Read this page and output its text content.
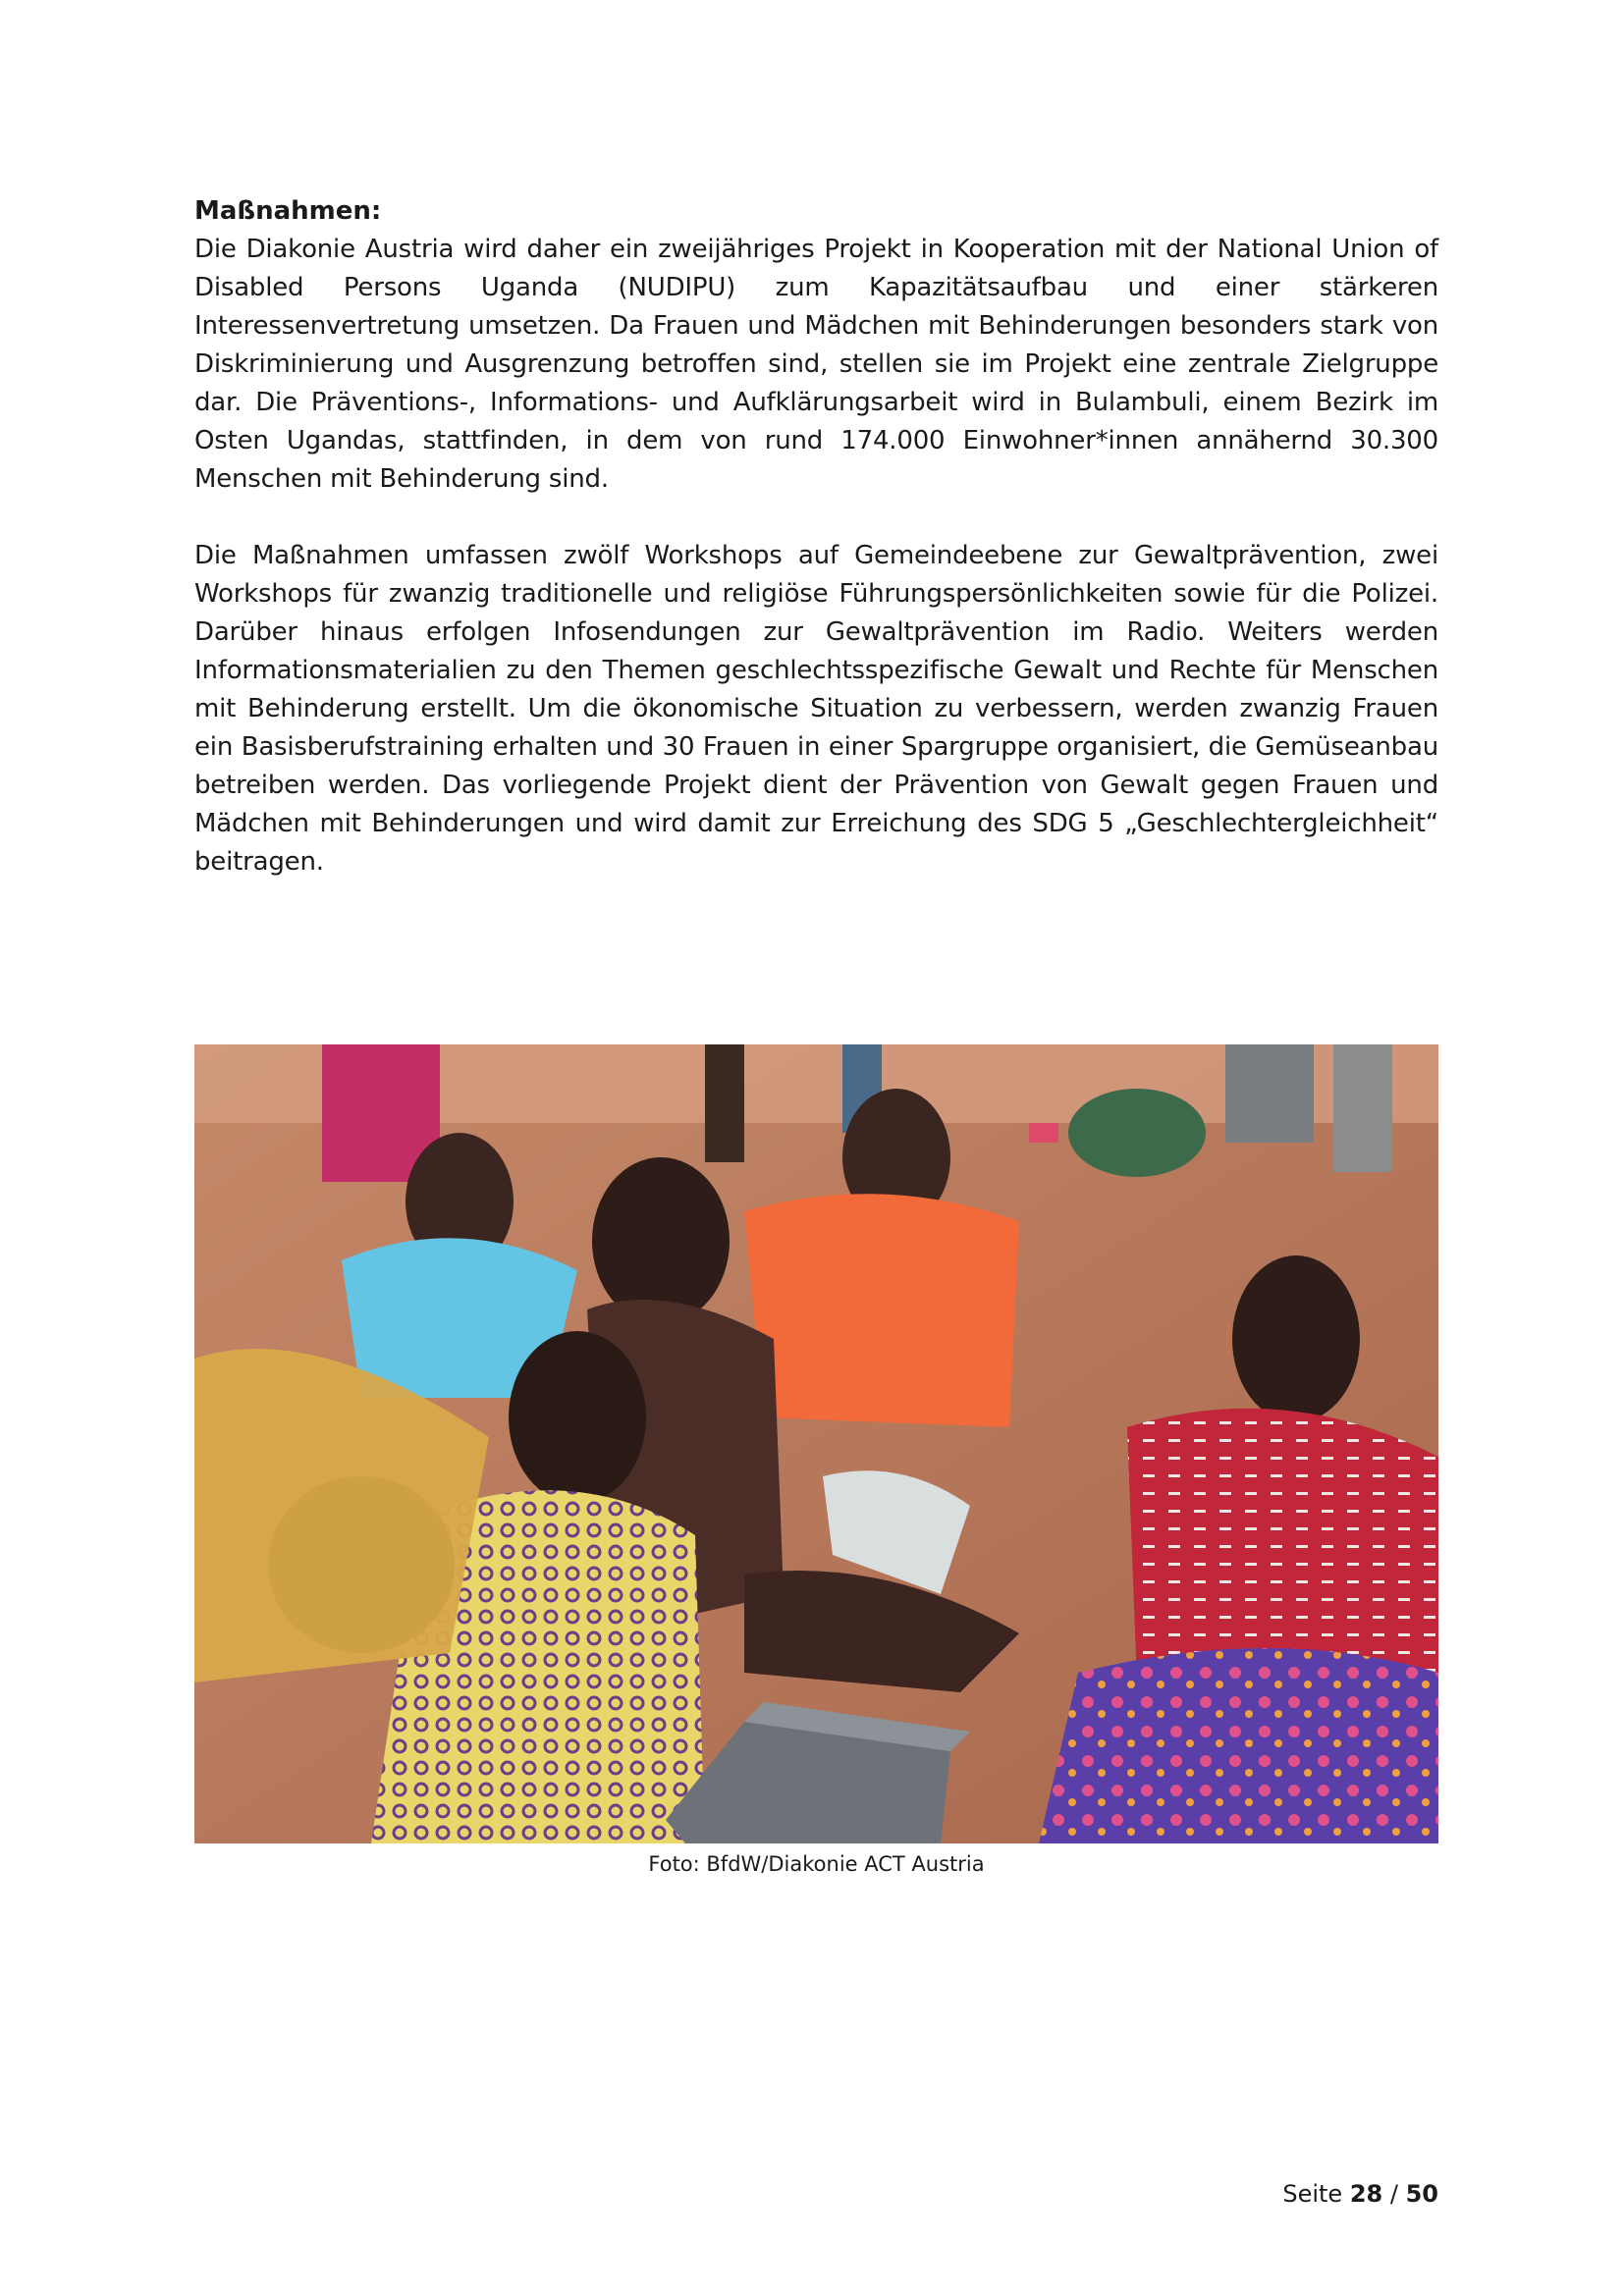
Maßnahmen:

Die Diakonie Austria wird daher ein zweijähriges Projekt in Kooperation mit der National Union of Disabled Persons Uganda (NUDIPU) zum Kapazitätsaufbau und einer stärkeren Interessenvertretung umsetzen. Da Frauen und Mädchen mit Behinderungen besonders stark von Diskriminierung und Ausgrenzung betroffen sind, stellen sie im Projekt eine zentrale Zielgruppe dar. Die Präventions-, Informations- und Aufklärungsarbeit wird in Bulambuli, einem Bezirk im Osten Ugandas, stattfinden, in dem von rund 174.000 Einwohner*innen annähernd 30.300 Menschen mit Behinderung sind.

Die Maßnahmen umfassen zwölf Workshops auf Gemeindeebene zur Gewaltprävention, zwei Workshops für zwanzig traditionelle und religiöse Führungspersönlichkeiten sowie für die Polizei. Darüber hinaus erfolgen Infosendungen zur Gewaltprävention im Radio. Weiters werden Informationsmaterialien zu den Themen geschlechtsspezifische Gewalt und Rechte für Menschen mit Behinderung erstellt. Um die ökonomische Situation zu verbessern, werden zwanzig Frauen ein Basisberufstraining erhalten und 30 Frauen in einer Spargruppe organisiert, die Gemüseanbau betreiben werden. Das vorliegende Projekt dient der Prävention von Gewalt gegen Frauen und Mädchen mit Behinderungen und wird damit zur Erreichung des SDG 5 „Geschlechtergleichheit“ beitragen.

Foto: BfdW/Diakonie ACT Austria
Seite 28 / 50
